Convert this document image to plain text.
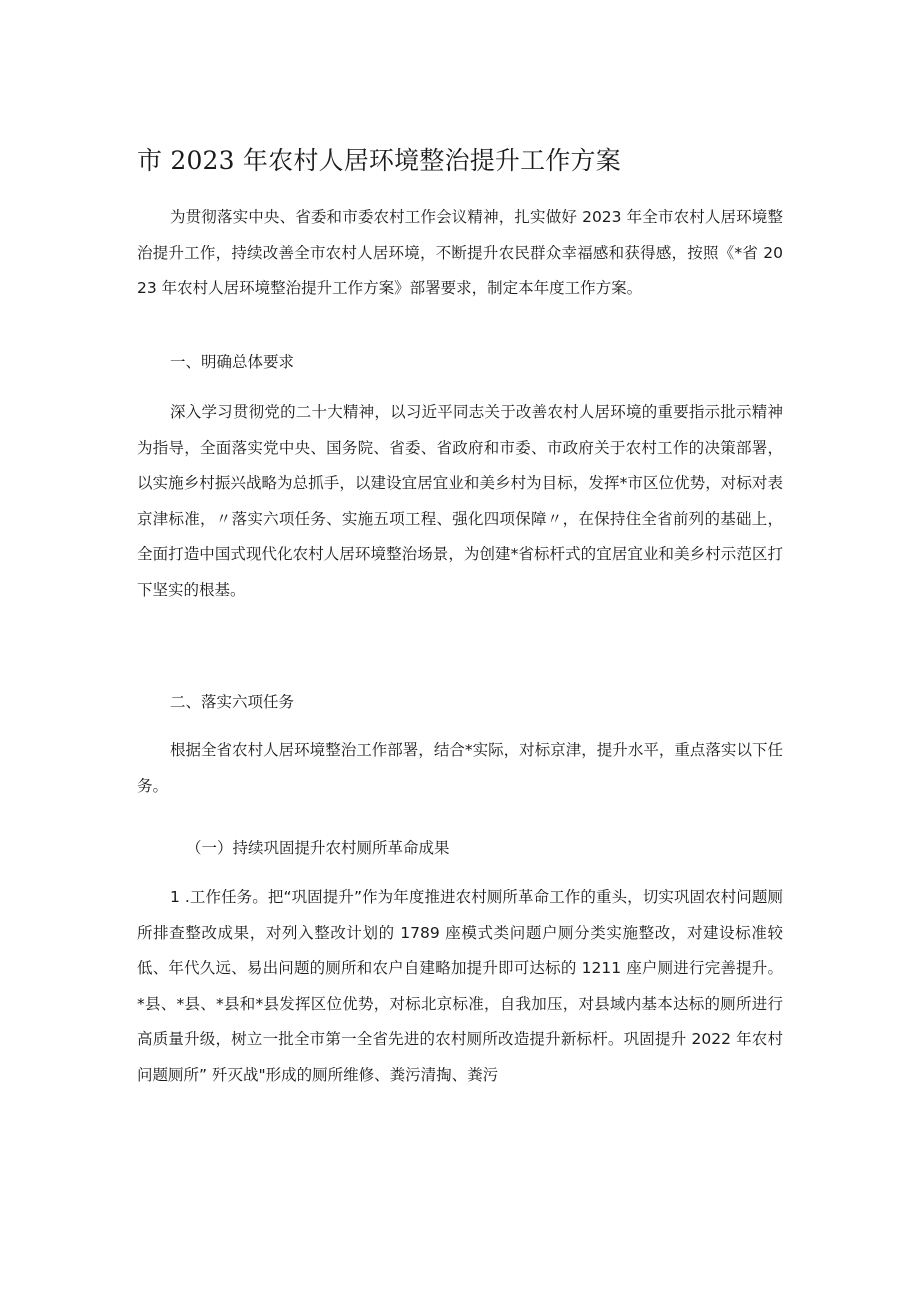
市 2023 年农村人居环境整治提升工作方案
为贯彻落实中央、省委和市委农村工作会议精神，扎实做好 2023 年全市农村人居环境整治提升工作，持续改善全市农村人居环境，不断提升农民群众幸福感和获得感，按照《*省 2023 年农村人居环境整治提升工作方案》部署要求，制定本年度工作方案。
一、明确总体要求
深入学习贯彻党的二十大精神，以习近平同志关于改善农村人居环境的重要指示批示精神为指导，全面落实党中央、国务院、省委、省政府和市委、市政府关于农村工作的决策部署，以实施乡村振兴战略为总抓手，以建设宜居宜业和美乡村为目标，发挥*市区位优势，对标对表京津标准，〃落实六项任务、实施五项工程、强化四项保障〃，在保持住全省前列的基础上，全面打造中国式现代化农村人居环境整治场景，为创建*省标杆式的宜居宜业和美乡村示范区打下坚实的根基。
二、落实六项任务
根据全省农村人居环境整治工作部署，结合*实际，对标京津，提升水平，重点落实以下任务。
（一）持续巩固提升农村厕所革命成果
1 .工作任务。把“巩固提升”作为年度推进农村厕所革命工作的重头，切实巩固农村问题厕所排查整改成果，对列入整改计划的 1789 座模式类问题户厕分类实施整改，对建设标准较低、年代久远、易出问题的厕所和农户自建略加提升即可达标的 1211 座户厕进行完善提升。*县、*县、*县和*县发挥区位优势，对标北京标准，自我加压，对县域内基本达标的厕所进行高质量升级，树立一批全市第一全省先进的农村厕所改造提升新标杆。巩固提升 2022 年农村问题厕所” 歼灭战"形成的厕所维修、粪污清掏、粪污
